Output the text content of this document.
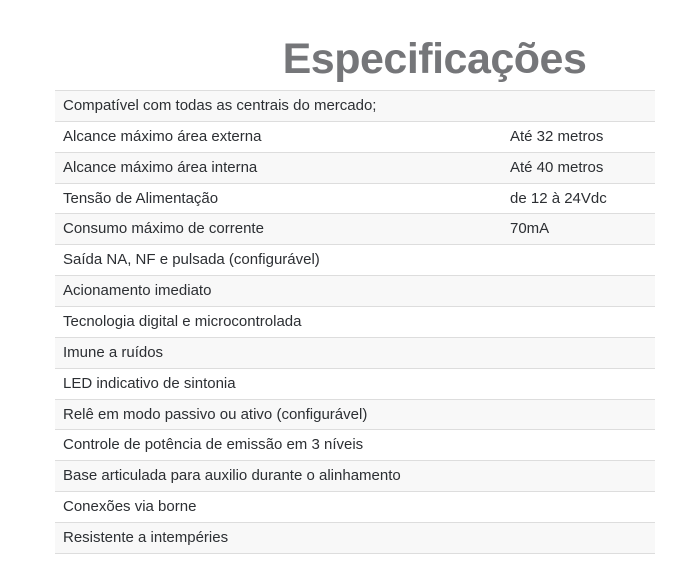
Especificações
Compatível com todas as centrais do mercado;	
Alcance máximo área externa	Até 32 metros
Alcance máximo área interna	Até 40 metros
Tensão de Alimentação	de 12 à 24Vdc
Consumo máximo de corrente	70mA
Saída NA, NF e pulsada (configurável)	
Acionamento imediato	
Tecnologia digital e microcontrolada	
Imune a ruídos	
LED indicativo de sintonia	
Relê em modo passivo ou ativo (configurável)	
Controle de potência de emissão em 3 níveis	
Base articulada para auxilio durante o alinhamento	
Conexões via borne	
Resistente a intempéries	
